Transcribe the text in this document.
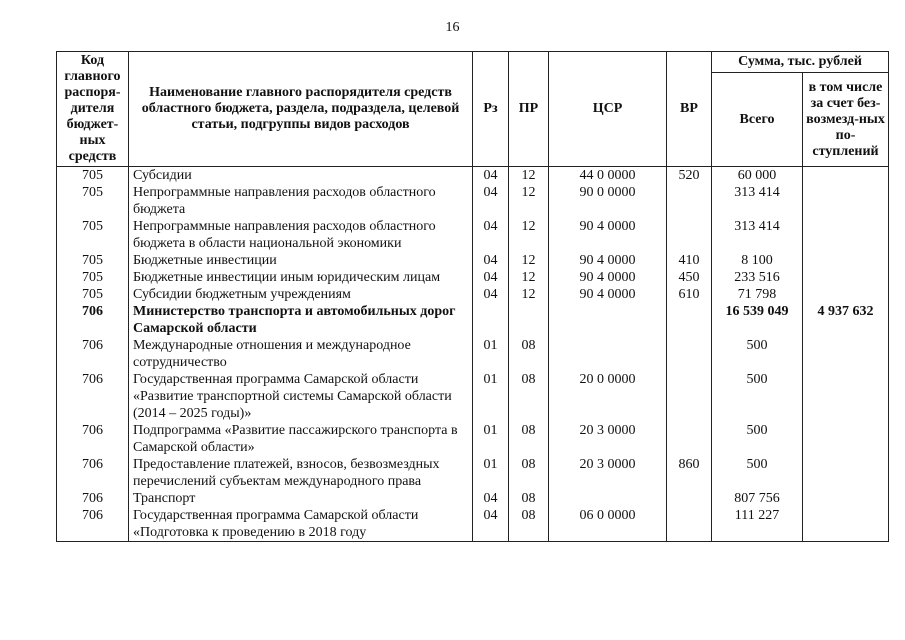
16
Код главного распоря-дителя бюджет-ных средств	Наименование главного распорядителя средств областного бюджета, раздела, подраздела, целевой статьи, подгруппы видов расходов	Рз	ПР	ЦСР	ВР	Сумма, тыс. рублей	
						Всего	в том числе за счет без-возмезд-ных по-ступлений
705	Субсидии	04	12	44 0 0000	520	60 000	
705	Непрограммные направления расходов областного бюджета	04	12	90 0 0000		313 414	
705	Непрограммные направления расходов областного бюджета в области национальной экономики	04	12	90 4 0000		313 414	
705	Бюджетные инвестиции	04	12	90 4 0000	410	8 100	
705	Бюджетные инвестиции иным юридическим лицам	04	12	90 4 0000	450	233 516	
705	Субсидии бюджетным учреждениям	04	12	90 4 0000	610	71 798	
706	Министерство транспорта и автомобильных дорог Самарской области					16 539 049	4 937 632
706	Международные отношения и международное сотрудничество	01	08			500	
706	Государственная программа Самарской области «Развитие транспортной системы Самарской области (2014 – 2025 годы)»	01	08	20 0 0000		500	
706	Подпрограмма «Развитие пассажирского транспорта в Самарской области»	01	08	20 3 0000		500	
706	Предоставление платежей, взносов, безвозмездных перечислений субъектам международного права	01	08	20 3 0000	860	500	
706	Транспорт	04	08			807 756	
706	Государственная программа Самарской области «Подготовка к проведению в 2018 году	04	08	06 0 0000		111 227	
